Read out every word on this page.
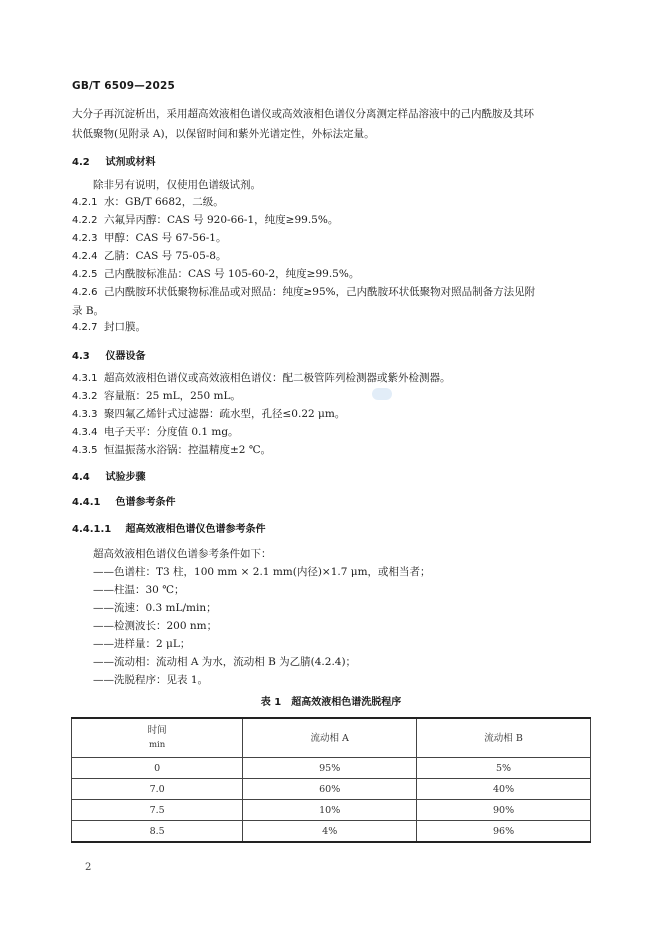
GB/T 6509—2025
大分子再沉淀析出，采用超高效液相色谱仪或高效液相色谱仪分离测定样品溶液中的己内酰胺及其环
状低聚物(见附录 A)，以保留时间和紫外光谱定性，外标法定量。
4.2 试剂或材料
除非另有说明，仅使用色谱级试剂。
4.2.1 水：GB/T 6682，二级。
4.2.2 六氟异丙醇：CAS 号 920-66-1，纯度≥99.5%。
4.2.3 甲醇：CAS 号 67-56-1。
4.2.4 乙腈：CAS 号 75-05-8。
4.2.5 己内酰胺标准品：CAS 号 105-60-2，纯度≥99.5%。
4.2.6 己内酰胺环状低聚物标准品或对照品：纯度≥95%，己内酰胺环状低聚物对照品制备方法见附
录 B。
4.2.7 封口膜。
4.3 仪器设备
4.3.1 超高效液相色谱仪或高效液相色谱仪：配二极管阵列检测器或紫外检测器。
4.3.2 容量瓶：25 mL，250 mL。
4.3.3 聚四氟乙烯针式过滤器：疏水型，孔径≤0.22 μm。
4.3.4 电子天平：分度值 0.1 mg。
4.3.5 恒温振荡水浴锅：控温精度±2 ℃。
4.4 试验步骤
4.4.1 色谱参考条件
4.4.1.1 超高效液相色谱仪色谱参考条件
超高效液相色谱仪色谱参考条件如下：
——色谱柱：T3 柱，100 mm × 2.1 mm(内径)×1.7 μm，或相当者；
——柱温：30 ℃；
——流速：0.3 mL/min；
——检测波长：200 nm；
——进样量：2 μL；
——流动相：流动相 A 为水，流动相 B 为乙腈(4.2.4)；
——洗脱程序：见表 1。
表 1　超高效液相色谱洗脱程序
时间
min	流动相 A	流动相 B
0	95%	5%
7.0	60%	40%
7.5	10%	90%
8.5	4%	96%
2
